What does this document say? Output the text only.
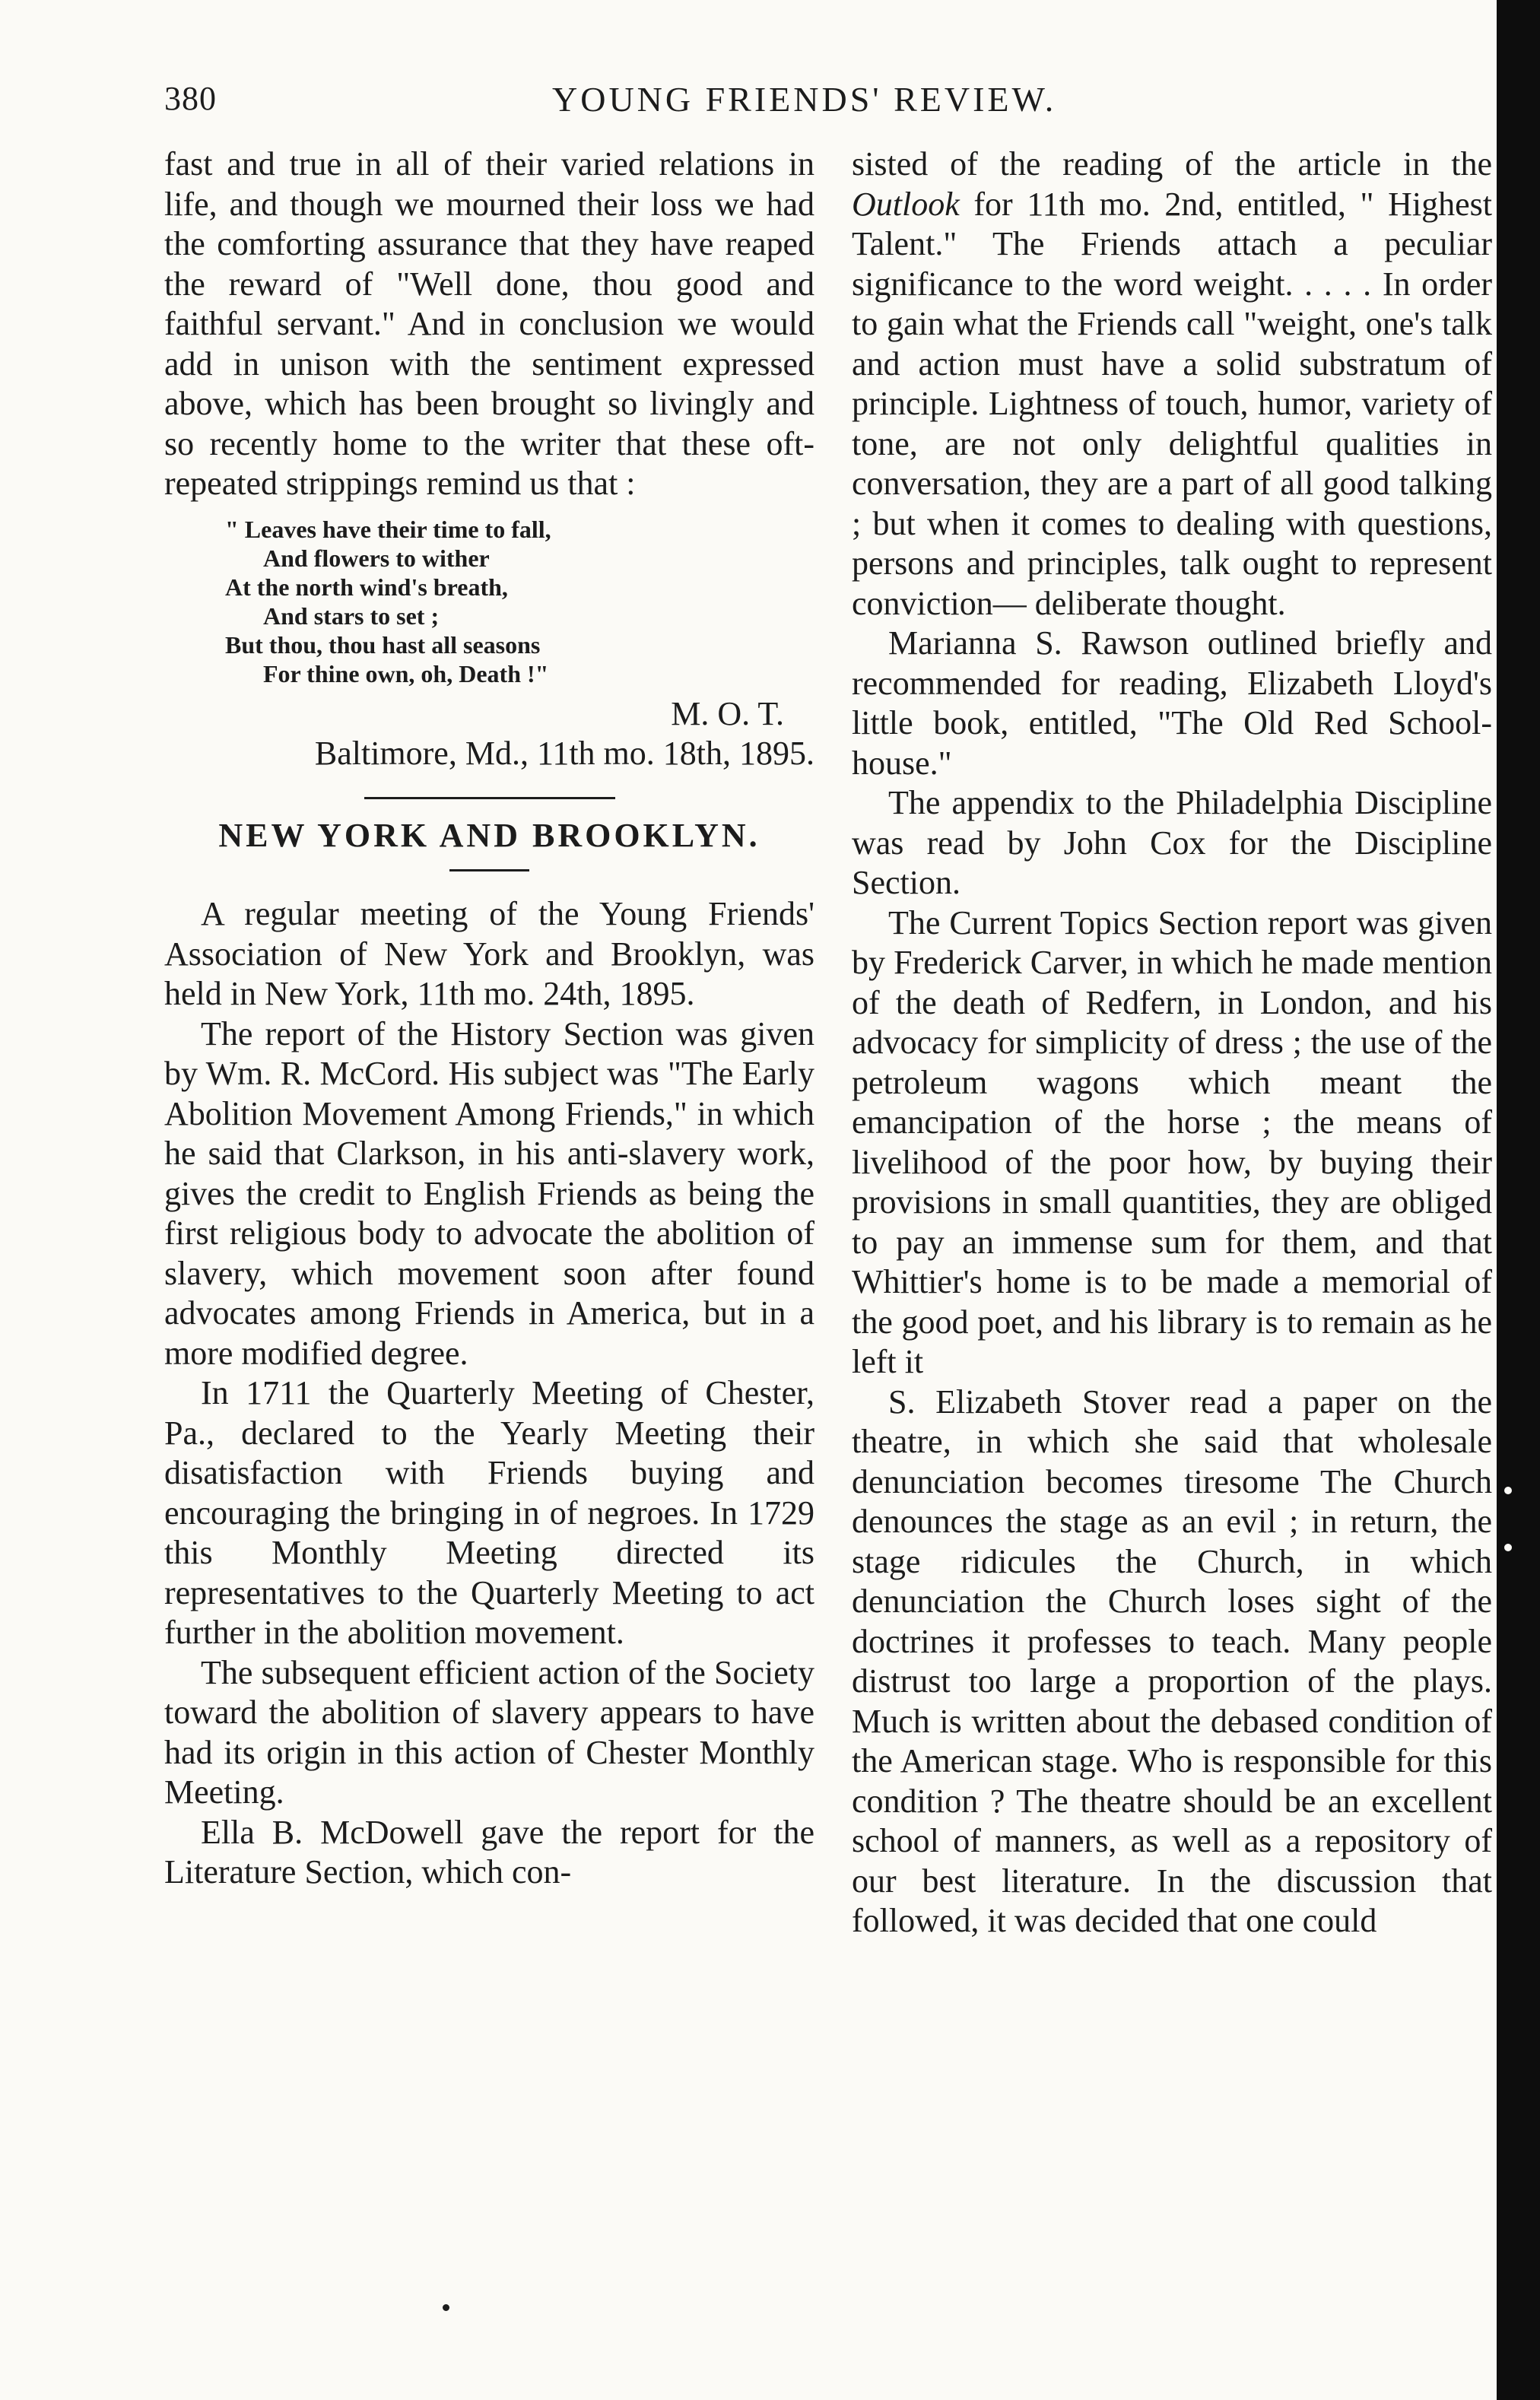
380	YOUNG FRIENDS' REVIEW.

fast and true in all of their varied relations in life, and though we mourned their loss we had the comforting assurance that they have reaped the reward of "Well done, thou good and faithful servant." And in conclusion we would add in unison with the sentiment expressed above, which has been brought so livingly and so recently home to the writer that these oft-repeated strippings remind us that :

" Leaves have their time to fall,
And flowers to wither
At the north wind's breath,
And stars to set ;
But thou, thou hast all seasons
For thine own, oh, Death !"
M. O. T.
Baltimore, Md., 11th mo. 18th, 1895.
NEW YORK AND BROOKLYN.

A regular meeting of the Young Friends' Association of New York and Brooklyn, was held in New York, 11th mo. 24th, 1895.

The report of the History Section was given by Wm. R. McCord. His subject was "The Early Abolition Movement Among Friends," in which he said that Clarkson, in his anti-slavery work, gives the credit to English Friends as being the first religious body to advocate the abolition of slavery, which movement soon after found advocates among Friends in America, but in a more modified degree.

In 1711 the Quarterly Meeting of Chester, Pa., declared to the Yearly Meeting their disatisfaction with Friends buying and encouraging the bringing in of negroes. In 1729 this Monthly Meeting directed its representatives to the Quarterly Meeting to act further in the abolition movement.

The subsequent efficient action of the Society toward the abolition of slavery appears to have had its origin in this action of Chester Monthly Meeting.

Ella B. McDowell gave the report for the Literature Section, which con-

sisted of the reading of the article in the Outlook for 11th mo. 2nd, entitled, " Highest Talent." The Friends attach a peculiar significance to the word weight. . . . . In order to gain what the Friends call "weight, one's talk and action must have a solid substratum of principle. Lightness of touch, humor, variety of tone, are not only delightful qualities in conversation, they are a part of all good talking ; but when it comes to dealing with questions, persons and principles, talk ought to represent conviction— deliberate thought.

Marianna S. Rawson outlined briefly and recommended for reading, Elizabeth Lloyd's little book, entitled, "The Old Red School-house."

The appendix to the Philadelphia Discipline was read by John Cox for the Discipline Section.

The Current Topics Section report was given by Frederick Carver, in which he made mention of the death of Redfern, in London, and his advocacy for simplicity of dress ; the use of the petroleum wagons which meant the emancipation of the horse ; the means of livelihood of the poor how, by buying their provisions in small quantities, they are obliged to pay an immense sum for them, and that Whittier's home is to be made a memorial of the good poet, and his library is to remain as he left it

S. Elizabeth Stover read a paper on the theatre, in which she said that wholesale denunciation becomes tiresome The Church denounces the stage as an evil ; in return, the stage ridicules the Church, in which denunciation the Church loses sight of the doctrines it professes to teach. Many people distrust too large a proportion of the plays. Much is written about the debased condition of the American stage. Who is responsible for this condition ? The theatre should be an excellent school of manners, as well as a repository of our best literature. In the discussion that followed, it was decided that one could
